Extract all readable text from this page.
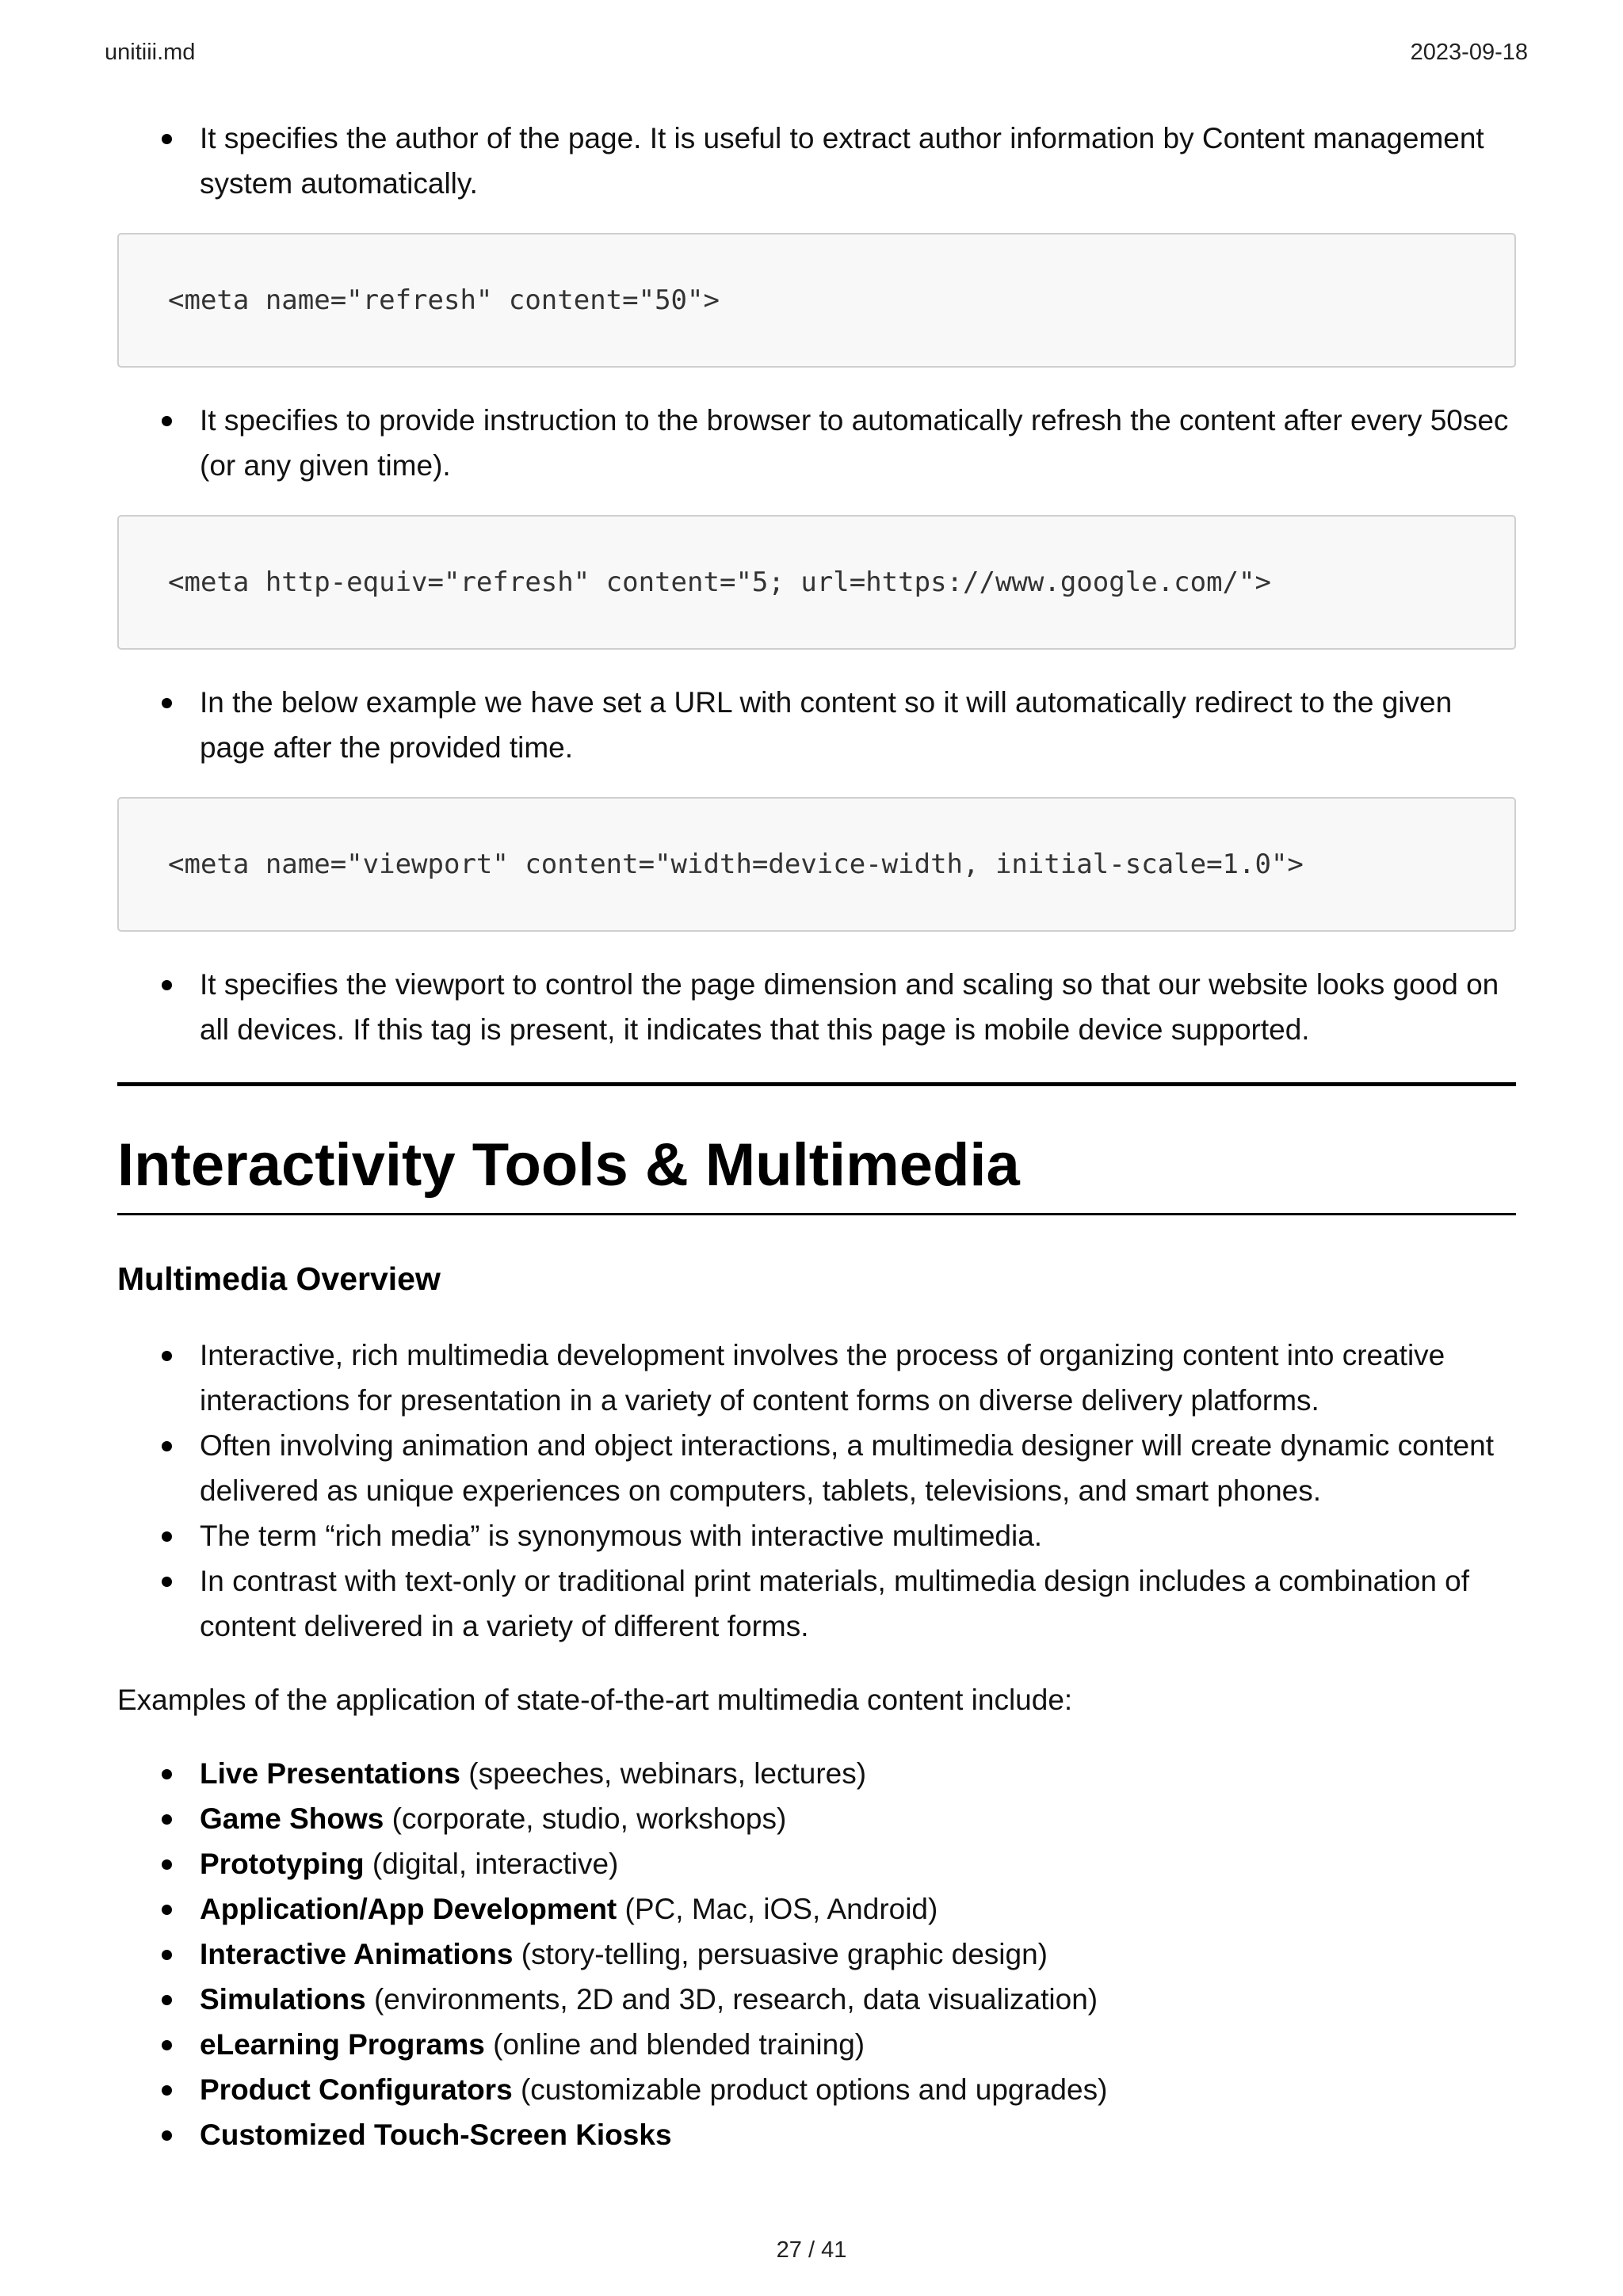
unitiii.md	2023-09-18
It specifies the author of the page. It is useful to extract author information by Content management system automatically.
<meta name="refresh" content="50">
It specifies to provide instruction to the browser to automatically refresh the content after every 50sec (or any given time).
<meta http-equiv="refresh" content="5; url=https://www.google.com/">
In the below example we have set a URL with content so it will automatically redirect to the given page after the provided time.
<meta name="viewport" content="width=device-width, initial-scale=1.0">
It specifies the viewport to control the page dimension and scaling so that our website looks good on all devices. If this tag is present, it indicates that this page is mobile device supported.
Interactivity Tools & Multimedia
Multimedia Overview
Interactive, rich multimedia development involves the process of organizing content into creative interactions for presentation in a variety of content forms on diverse delivery platforms.
Often involving animation and object interactions, a multimedia designer will create dynamic content delivered as unique experiences on computers, tablets, televisions, and smart phones.
The term “rich media” is synonymous with interactive multimedia.
In contrast with text-only or traditional print materials, multimedia design includes a combination of content delivered in a variety of different forms.

Examples of the application of state-of-the-art multimedia content include:

Live Presentations (speeches, webinars, lectures)
Game Shows (corporate, studio, workshops)
Prototyping (digital, interactive)
Application/App Development (PC, Mac, iOS, Android)
Interactive Animations (story-telling, persuasive graphic design)
Simulations (environments, 2D and 3D, research, data visualization)
eLearning Programs (online and blended training)
Product Configurators (customizable product options and upgrades)
Customized Touch-Screen Kiosks
27 / 41
